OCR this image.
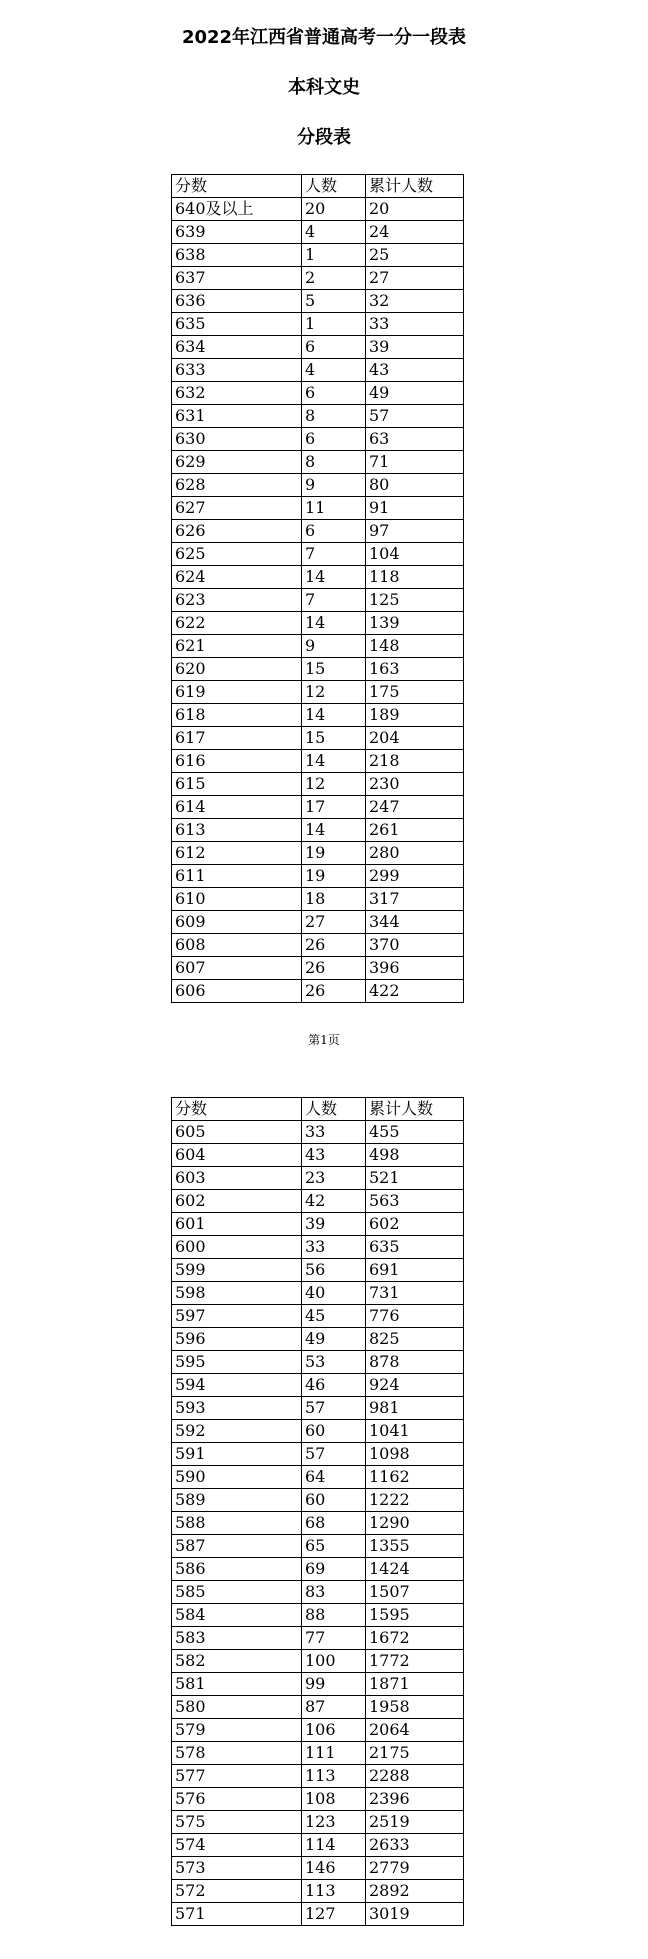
2022年江西省普通高考一分一段表
本科文史
分段表
分数	人数	累计人数
640及以上	20	20
639	4	24
638	1	25
637	2	27
636	5	32
635	1	33
634	6	39
633	4	43
632	6	49
631	8	57
630	6	63
629	8	71
628	9	80
627	11	91
626	6	97
625	7	104
624	14	118
623	7	125
622	14	139
621	9	148
620	15	163
619	12	175
618	14	189
617	15	204
616	14	218
615	12	230
614	17	247
613	14	261
612	19	280
611	19	299
610	18	317
609	27	344
608	26	370
607	26	396
606	26	422
第1页
分数	人数	累计人数
605	33	455
604	43	498
603	23	521
602	42	563
601	39	602
600	33	635
599	56	691
598	40	731
597	45	776
596	49	825
595	53	878
594	46	924
593	57	981
592	60	1041
591	57	1098
590	64	1162
589	60	1222
588	68	1290
587	65	1355
586	69	1424
585	83	1507
584	88	1595
583	77	1672
582	100	1772
581	99	1871
580	87	1958
579	106	2064
578	111	2175
577	113	2288
576	108	2396
575	123	2519
574	114	2633
573	146	2779
572	113	2892
571	127	3019
